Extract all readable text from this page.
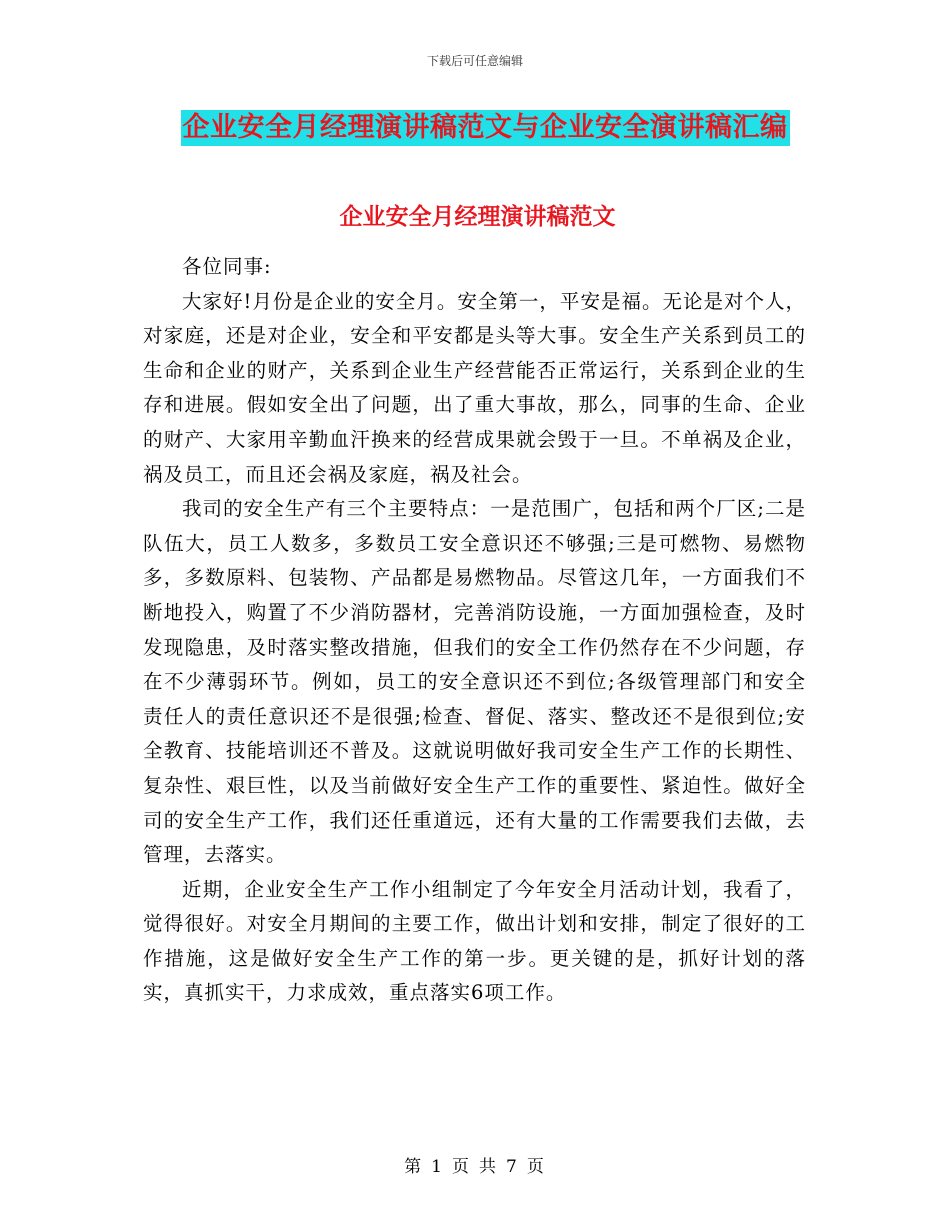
下载后可任意编辑
企业安全月经理演讲稿范文与企业安全演讲稿汇编
企业安全月经理演讲稿范文

各位同事:

大家好!月份是企业的安全月。安全第一，平安是福。无论是对个人，对家庭，还是对企业，安全和平安都是头等大事。安全生产关系到员工的生命和企业的财产，关系到企业生产经营能否正常运行，关系到企业的生存和进展。假如安全出了问题，出了重大事故，那么，同事的生命、企业的财产、大家用辛勤血汗换来的经营成果就会毁于一旦。不单祸及企业，祸及员工，而且还会祸及家庭，祸及社会。

我司的安全生产有三个主要特点：一是范围广，包括和两个厂区;二是队伍大，员工人数多，多数员工安全意识还不够强;三是可燃物、易燃物多，多数原料、包装物、产品都是易燃物品。尽管这几年，一方面我们不断地投入，购置了不少消防器材，完善消防设施，一方面加强检查，及时发现隐患，及时落实整改措施，但我们的安全工作仍然存在不少问题，存在不少薄弱环节。例如，员工的安全意识还不到位;各级管理部门和安全责任人的责任意识还不是很强;检查、督促、落实、整改还不是很到位;安全教育、技能培训还不普及。这就说明做好我司安全生产工作的长期性、复杂性、艰巨性，以及当前做好安全生产工作的重要性、紧迫性。做好全司的安全生产工作，我们还任重道远，还有大量的工作需要我们去做，去管理，去落实。

近期，企业安全生产工作小组制定了今年安全月活动计划，我看了，觉得很好。对安全月期间的主要工作，做出计划和安排，制定了很好的工作措施，这是做好安全生产工作的第一步。更关键的是，抓好计划的落实，真抓实干，力求成效，重点落实6项工作。

第 1 页 共 7 页
